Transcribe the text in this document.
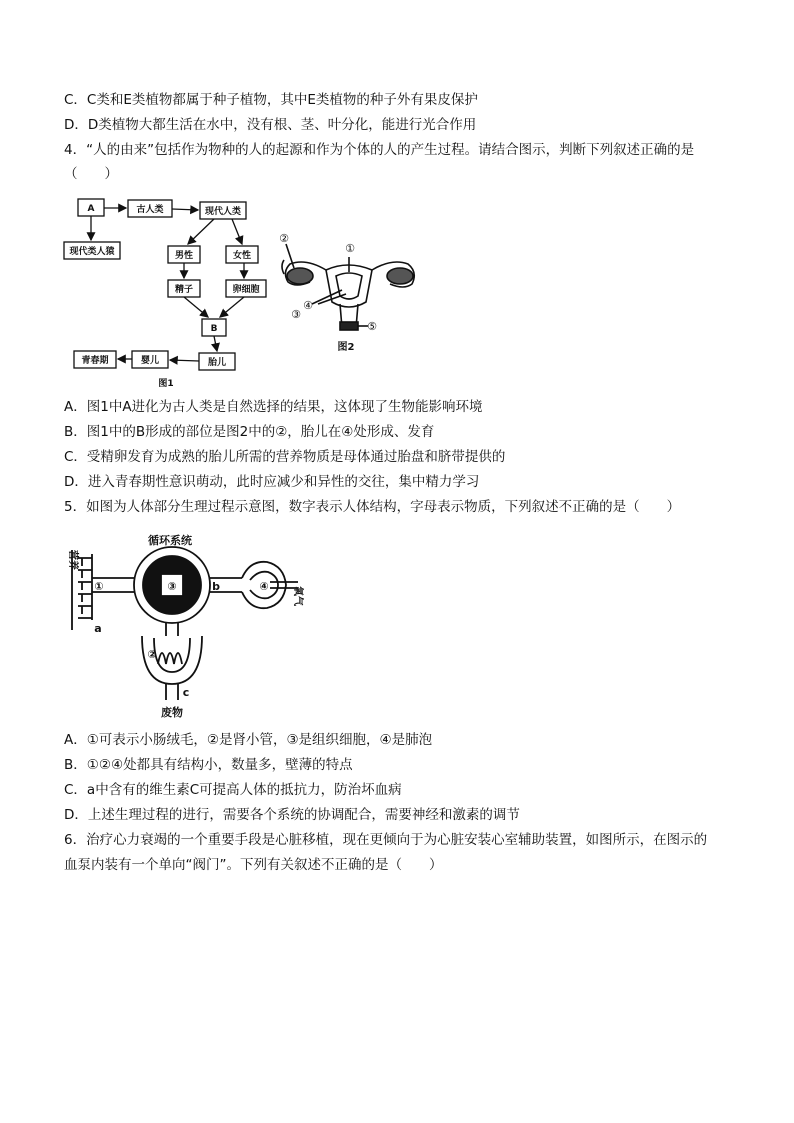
C．C类和E类植物都属于种子植物，其中E类植物的种子外有果皮保护
D．D类植物大都生活在水中，没有根、茎、叶分化，能进行光合作用
4．“人的由来”包括作为物种的人的起源和作为个体的人的产生过程。请结合图示，判断下列叙述正确的是
（　　）
A	古人类	现代人类
现代类人猿	男性	女性
精子	卵细胞
B
胎儿
婴儿
青春期
图1
①
②
③
④
⑤
图2
A．图1中A进化为古人类是自然选择的结果，这体现了生物能影响环境
B．图1中的B形成的部位是图2中的②，胎儿在④处形成、发育
C．受精卵发育为成熟的胎儿所需的营养物质是母体通过胎盘和脐带提供的
D．进入青春期性意识萌动，此时应减少和异性的交往，集中精力学习
5．如图为人体部分生理过程示意图，数字表示人体结构，字母表示物质，下列叙述不正确的是（　　）
循环系统
营养
氧气
废物
①
②
③	④
a
b
c
A．①可表示小肠绒毛，②是肾小管，③是组织细胞，④是肺泡
B．①②④处都具有结构小，数量多，壁薄的特点
C．a中含有的维生素C可提高人体的抵抗力，防治坏血病
D．上述生理过程的进行，需要各个系统的协调配合，需要神经和激素的调节
6．治疗心力衰竭的一个重要手段是心脏移植，现在更倾向于为心脏安装心室辅助装置，如图所示，在图示的
血泵内装有一个单向“阀门”。下列有关叙述不正确的是（　　）
